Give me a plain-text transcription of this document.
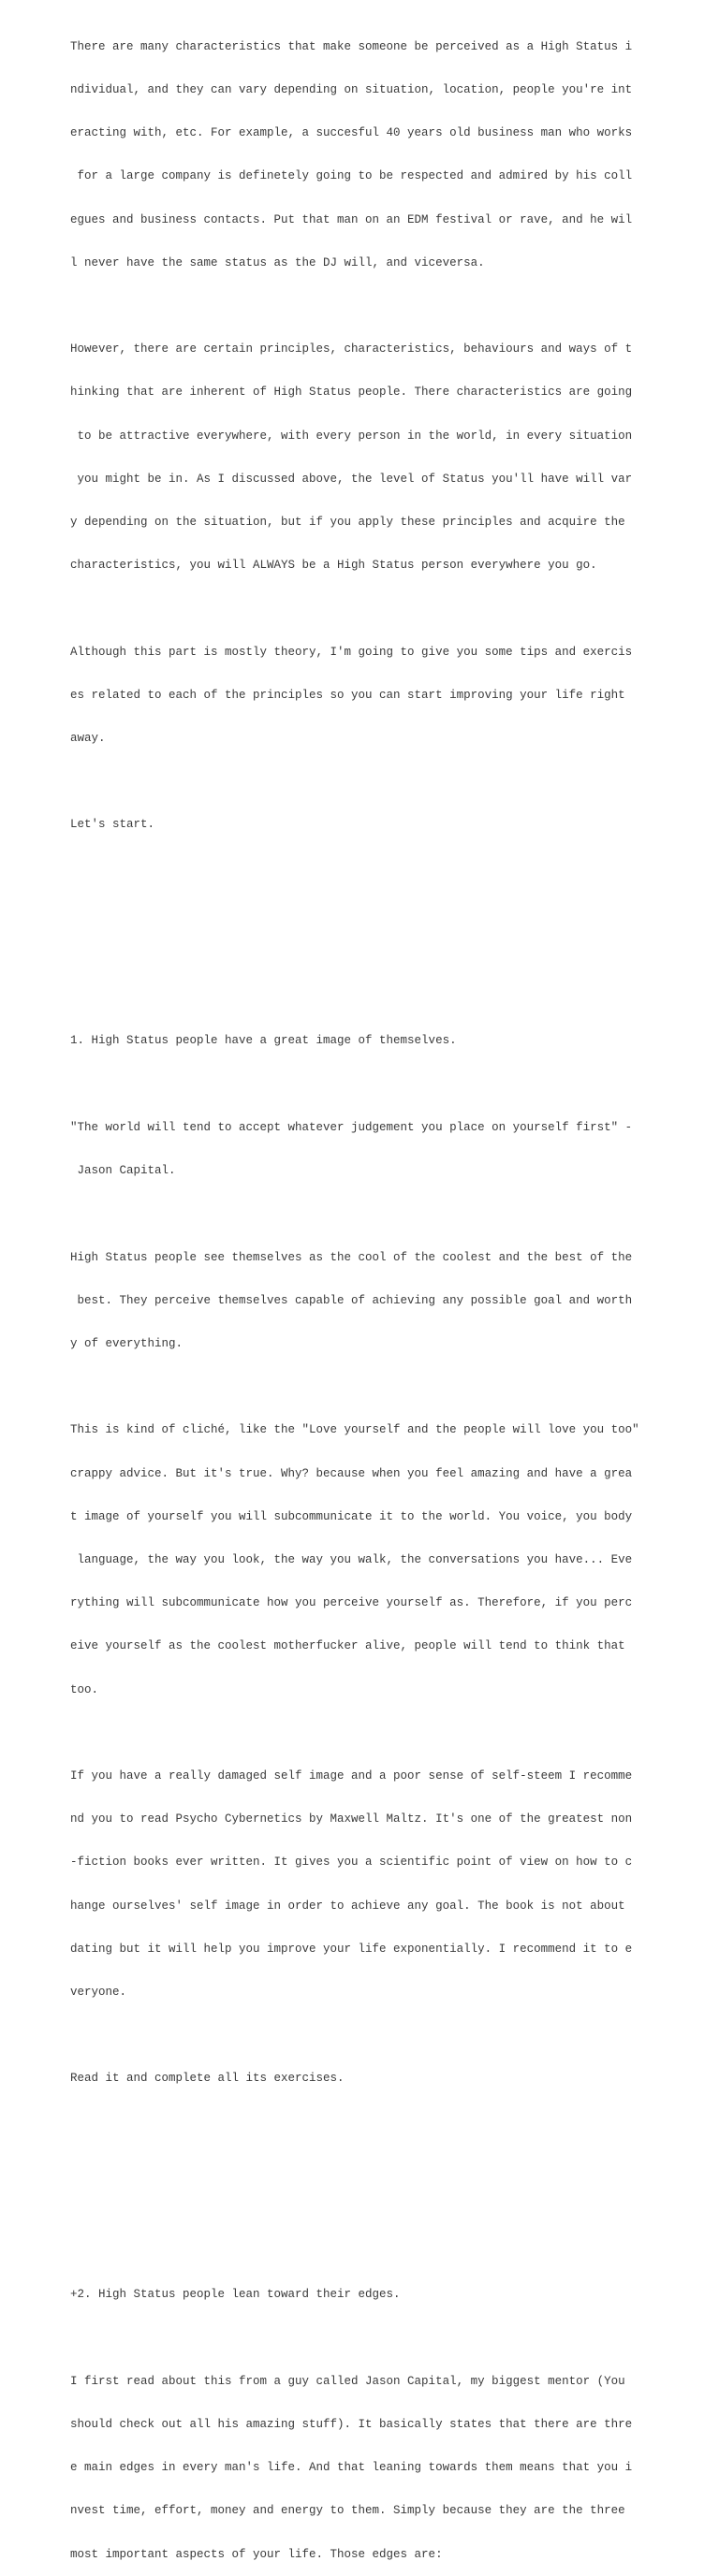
There are many characteristics that make someone be perceived as a High Status i

ndividual, and they can vary depending on situation, location, people you're int

eracting with, etc. For example, a succesful 40 years old business man who works

for a large company is definetely going to be respected and admired by his coll

egues and business contacts. Put that man on an EDM festival or rave, and he wil

l never have the same status as the DJ will, and viceversa.

However, there are certain principles, characteristics, behaviours and ways of t

hinking that are inherent of High Status people. There characteristics are going

to be attractive everywhere, with every person in the world, in every situation

you might be in. As I discussed above, the level of Status you'll have will var

y depending on the situation, but if you apply these principles and acquire the

characteristics, you will ALWAYS be a High Status person everywhere you go.

Although this part is mostly theory, I'm going to give you some tips and exercis

es related to each of the principles so you can start improving your life right

away.

Let's start.

1. High Status people have a great image of themselves.

"The world will tend to accept whatever judgement you place on yourself first" -

Jason Capital.

High Status people see themselves as the cool of the coolest and the best of the

best. They perceive themselves capable of achieving any possible goal and worth

y of everything.

This is kind of cliché, like the "Love yourself and the people will love you too"

crappy advice. But it's true. Why? because when you feel amazing and have a grea

t image of yourself you will subcommunicate it to the world. You voice, you body

language, the way you look, the way you walk, the conversations you have... Eve

rything will subcommunicate how you perceive yourself as. Therefore, if you perc

eive yourself as the coolest motherfucker alive, people will tend to think that

too.

If you have a really damaged self image and a poor sense of self-steem I recomme

nd you to read Psycho Cybernetics by Maxwell Maltz. It's one of the greatest non

-fiction books ever written. It gives you a scientific point of view on how to c

hange ourselves' self image in order to achieve any goal. The book is not about

dating but it will help you improve your life exponentially. I recommend it to e

veryone.

Read it and complete all its exercises.

+2. High Status people lean toward their edges.

I first read about this from a guy called Jason Capital, my biggest mentor (You

should check out all his amazing stuff). It basically states that there are thre

e main edges in every man's life. And that leaning towards them means that you i

nvest time, effort, money and energy to them. Simply because they are the three

most important aspects of your life. Those edges are:
